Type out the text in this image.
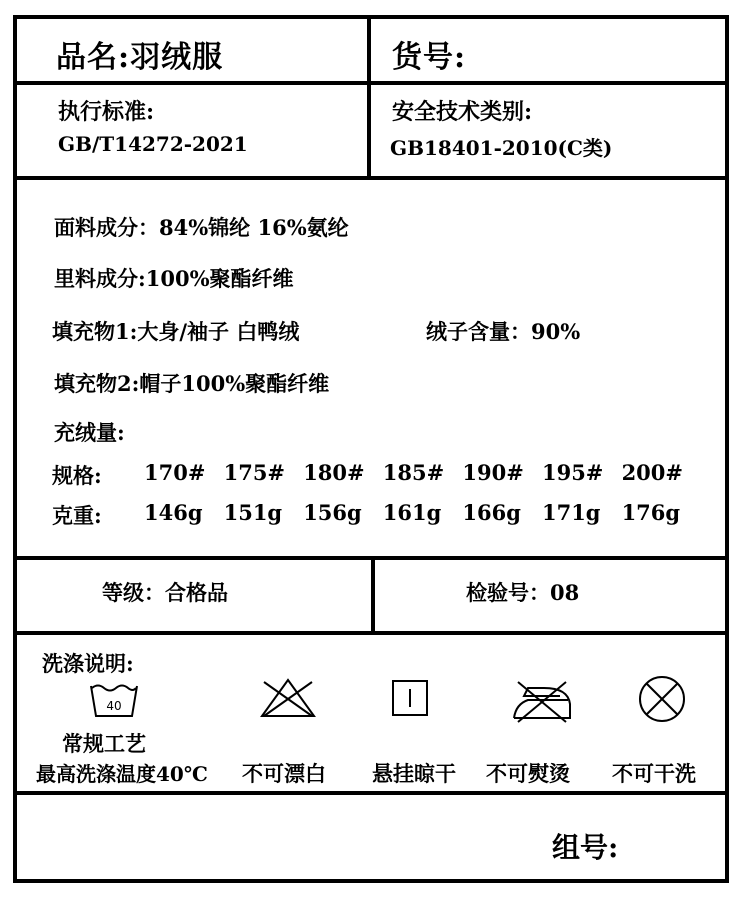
品名:羽绒服	货号:
执行标准:
GB/T14272-2021
安全技术类别:
GB18401-2010(C类)
面料成分：84%锦纶 16%氨纶
里料成分:100%聚酯纤维
填充物1:大身/袖子 白鸭绒	绒子含量：90%
填充物2:帽子100%聚酯纤维
充绒量:
规格:	170# 175# 180# 185# 190# 195# 200#
克重:	146g	151g	156g	161g	166g	171g	176g
等级：合格品	检验号：08
洗涤说明:
40
常规工艺
最高洗涤温度40℃ 不可漂白 悬挂晾干 不可熨烫 不可干洗
组号:
